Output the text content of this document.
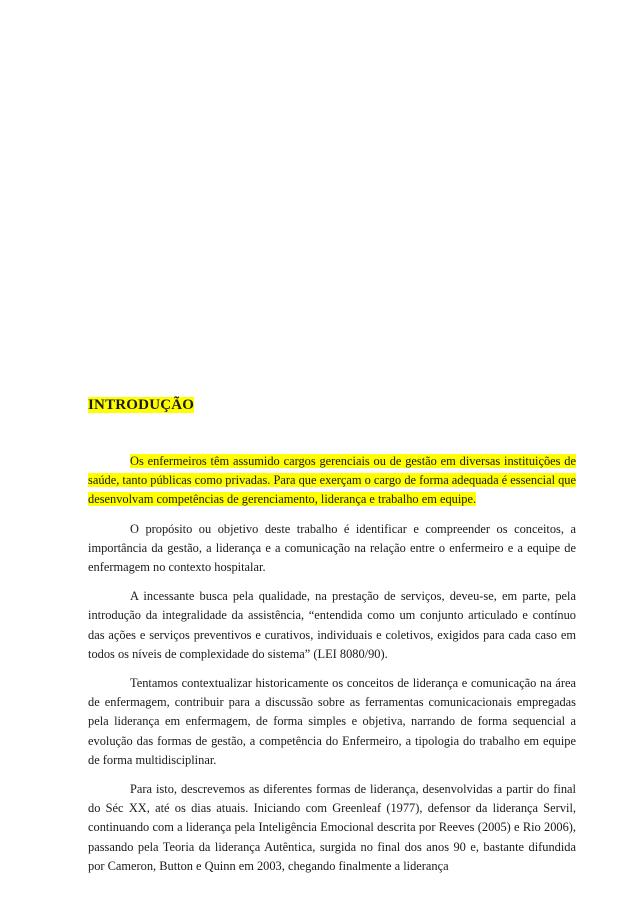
INTRODUÇÃO

Os enfermeiros têm assumido cargos gerenciais ou de gestão em diversas instituições de saúde, tanto públicas como privadas. Para que exerçam o cargo de forma adequada é essencial que desenvolvam competências de gerenciamento, liderança e trabalho em equipe.

O propósito ou objetivo deste trabalho é identificar e compreender os conceitos, a importância da gestão, a liderança e a comunicação na relação entre o enfermeiro e a equipe de enfermagem no contexto hospitalar.

A incessante busca pela qualidade, na prestação de serviços, deveu-se, em parte, pela introdução da integralidade da assistência, “entendida como um conjunto articulado e contínuo das ações e serviços preventivos e curativos, individuais e coletivos, exigidos para cada caso em todos os níveis de complexidade do sistema” (LEI 8080/90).

Tentamos contextualizar historicamente os conceitos de liderança e comunicação na área de enfermagem, contribuir para a discussão sobre as ferramentas comunicacionais empregadas pela liderança em enfermagem, de forma simples e objetiva, narrando de forma sequencial a evolução das formas de gestão, a competência do Enfermeiro, a tipologia do trabalho em equipe de forma multidisciplinar.

Para isto, descrevemos as diferentes formas de liderança, desenvolvidas a partir do final do Séc XX, até os dias atuais. Iniciando com Greenleaf (1977), defensor da liderança Servil, continuando com a liderança pela Inteligência Emocional descrita por Reeves (2005) e Rio 2006), passando pela Teoria da liderança Autêntica, surgida no final dos anos 90 e, bastante difundida por Cameron, Button e Quinn em 2003, chegando finalmente a liderança
